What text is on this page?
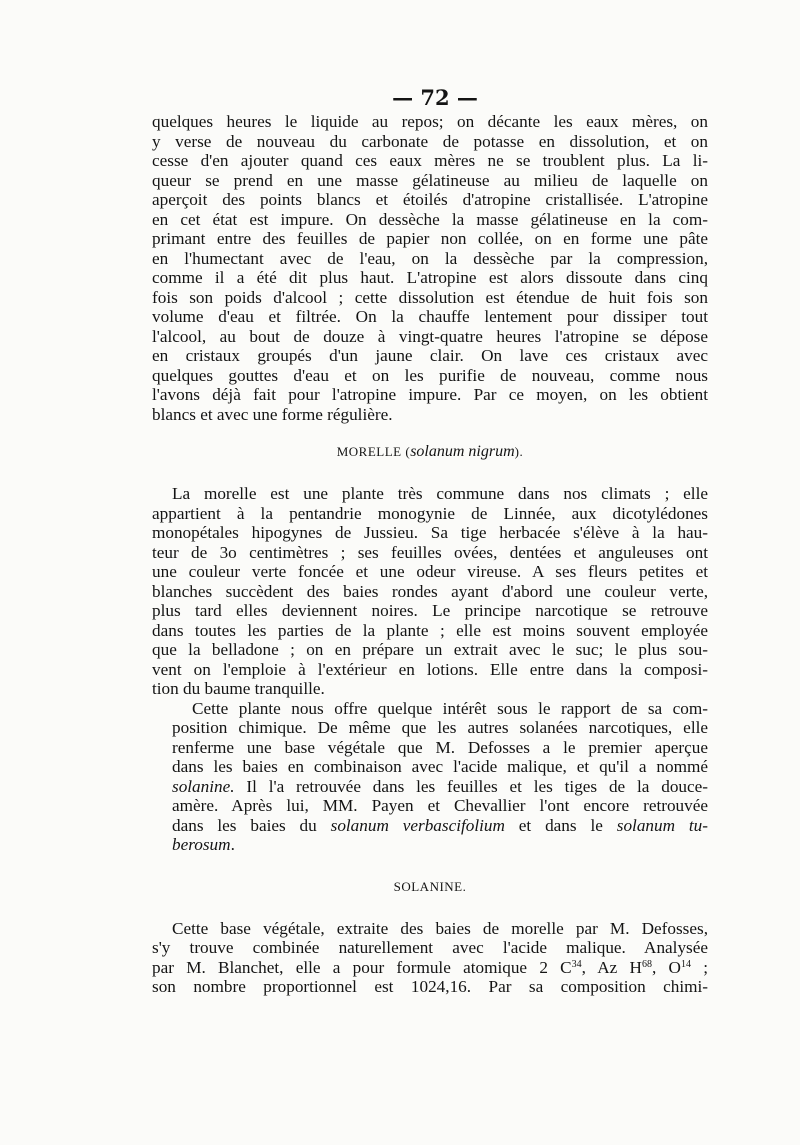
— 72 —
quelques heures le liquide au repos; on décante les eaux mères, on
y verse de nouveau du carbonate de potasse en dissolution, et on
cesse d'en ajouter quand ces eaux mères ne se troublent plus. La li-
queur se prend en une masse gélatineuse au milieu de laquelle on
aperçoit des points blancs et étoilés d'atropine cristallisée. L'atropine
en cet état est impure. On dessèche la masse gélatineuse en la com-
primant entre des feuilles de papier non collée, on en forme une pâte
en l'humectant avec de l'eau, on la dessèche par la compression,
comme il a été dit plus haut. L'atropine est alors dissoute dans cinq
fois son poids d'alcool ; cette dissolution est étendue de huit fois son
volume d'eau et filtrée. On la chauffe lentement pour dissiper tout
l'alcool, au bout de douze à vingt-quatre heures l'atropine se dépose
en cristaux groupés d'un jaune clair. On lave ces cristaux avec
quelques gouttes d'eau et on les purifie de nouveau, comme nous
l'avons déjà fait pour l'atropine impure. Par ce moyen, on les obtient
blancs et avec une forme régulière.
MORELLE (solanum nigrum).
La morelle est une plante très commune dans nos climats ; elle
appartient à la pentandrie monogynie de Linnée, aux dicotylédones
monopétales hipogynes de Jussieu. Sa tige herbacée s'élève à la hau-
teur de 3o centimètres ; ses feuilles ovées, dentées et anguleuses ont
une couleur verte foncée et une odeur vireuse. A ses fleurs petites et
blanches succèdent des baies rondes ayant d'abord une couleur verte,
plus tard elles deviennent noires. Le principe narcotique se retrouve
dans toutes les parties de la plante ; elle est moins souvent employée
que la belladone ; on en prépare un extrait avec le suc; le plus sou-
vent on l'emploie à l'extérieur en lotions. Elle entre dans la composi-
tion du baume tranquille.
Cette plante nous offre quelque intérêt sous le rapport de sa com-
position chimique. De même que les autres solanées narcotiques, elle
renferme une base végétale que M. Defosses a le premier aperçue
dans les baies en combinaison avec l'acide malique, et qu'il a nommé
solanine. Il l'a retrouvée dans les feuilles et les tiges de la douce-
amère. Après lui, MM. Payen et Chevallier l'ont encore retrouvée
dans les baies du solanum verbascifolium et dans le solanum tu-
berosum.
SOLANINE.
Cette base végétale, extraite des baies de morelle par M. Defosses,
s'y trouve combinée naturellement avec l'acide malique. Analysée
par M. Blanchet, elle a pour formule atomique 2 $C^{34}$, Az $H^{68}$, $O^{14}$ ;
son nombre proportionnel est 1024,16. Par sa composition chimi-
